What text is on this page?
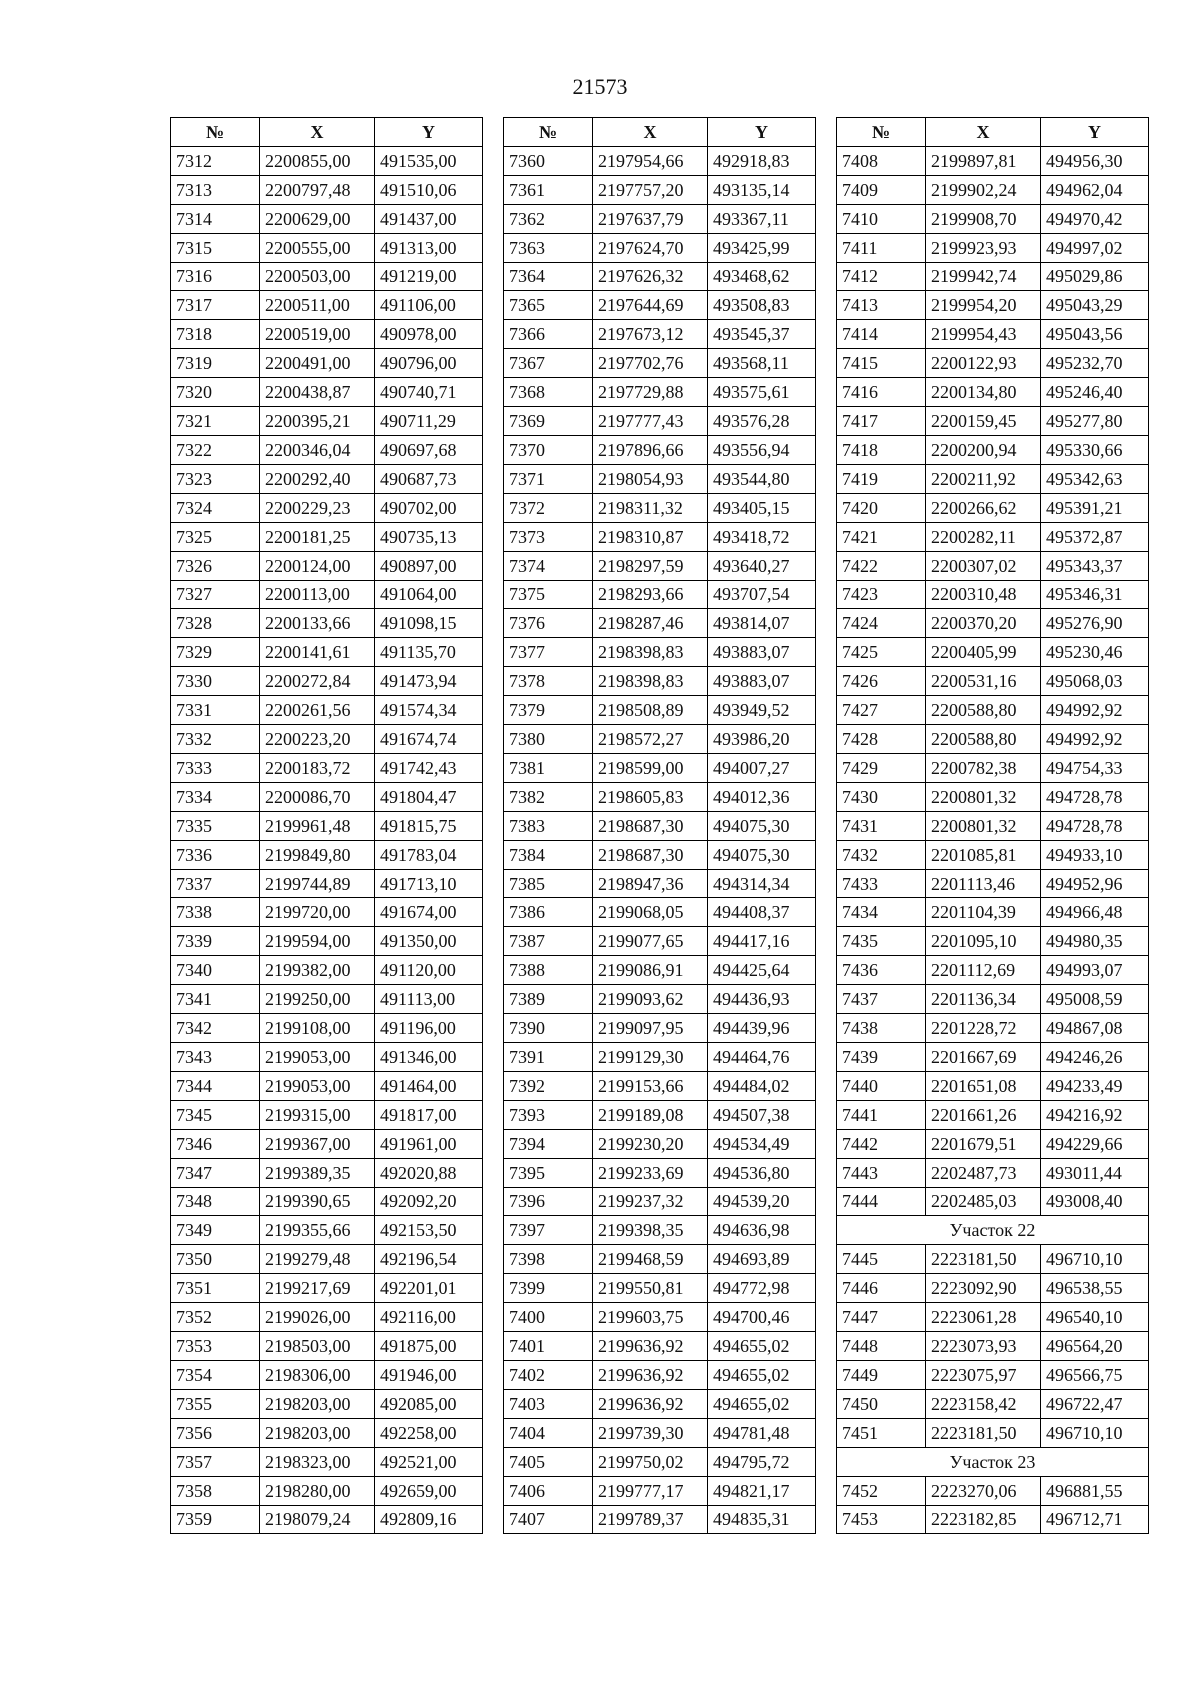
21573
№	X	Y
7312	2200855,00	491535,00
7313	2200797,48	491510,06
7314	2200629,00	491437,00
7315	2200555,00	491313,00
7316	2200503,00	491219,00
7317	2200511,00	491106,00
7318	2200519,00	490978,00
7319	2200491,00	490796,00
7320	2200438,87	490740,71
7321	2200395,21	490711,29
7322	2200346,04	490697,68
7323	2200292,40	490687,73
7324	2200229,23	490702,00
7325	2200181,25	490735,13
7326	2200124,00	490897,00
7327	2200113,00	491064,00
7328	2200133,66	491098,15
7329	2200141,61	491135,70
7330	2200272,84	491473,94
7331	2200261,56	491574,34
7332	2200223,20	491674,74
7333	2200183,72	491742,43
7334	2200086,70	491804,47
7335	2199961,48	491815,75
7336	2199849,80	491783,04
7337	2199744,89	491713,10
7338	2199720,00	491674,00
7339	2199594,00	491350,00
7340	2199382,00	491120,00
7341	2199250,00	491113,00
7342	2199108,00	491196,00
7343	2199053,00	491346,00
7344	2199053,00	491464,00
7345	2199315,00	491817,00
7346	2199367,00	491961,00
7347	2199389,35	492020,88
7348	2199390,65	492092,20
7349	2199355,66	492153,50
7350	2199279,48	492196,54
7351	2199217,69	492201,01
7352	2199026,00	492116,00
7353	2198503,00	491875,00
7354	2198306,00	491946,00
7355	2198203,00	492085,00
7356	2198203,00	492258,00
7357	2198323,00	492521,00
7358	2198280,00	492659,00
7359	2198079,24	492809,16
№	X	Y
7360	2197954,66	492918,83
7361	2197757,20	493135,14
7362	2197637,79	493367,11
7363	2197624,70	493425,99
7364	2197626,32	493468,62
7365	2197644,69	493508,83
7366	2197673,12	493545,37
7367	2197702,76	493568,11
7368	2197729,88	493575,61
7369	2197777,43	493576,28
7370	2197896,66	493556,94
7371	2198054,93	493544,80
7372	2198311,32	493405,15
7373	2198310,87	493418,72
7374	2198297,59	493640,27
7375	2198293,66	493707,54
7376	2198287,46	493814,07
7377	2198398,83	493883,07
7378	2198398,83	493883,07
7379	2198508,89	493949,52
7380	2198572,27	493986,20
7381	2198599,00	494007,27
7382	2198605,83	494012,36
7383	2198687,30	494075,30
7384	2198687,30	494075,30
7385	2198947,36	494314,34
7386	2199068,05	494408,37
7387	2199077,65	494417,16
7388	2199086,91	494425,64
7389	2199093,62	494436,93
7390	2199097,95	494439,96
7391	2199129,30	494464,76
7392	2199153,66	494484,02
7393	2199189,08	494507,38
7394	2199230,20	494534,49
7395	2199233,69	494536,80
7396	2199237,32	494539,20
7397	2199398,35	494636,98
7398	2199468,59	494693,89
7399	2199550,81	494772,98
7400	2199603,75	494700,46
7401	2199636,92	494655,02
7402	2199636,92	494655,02
7403	2199636,92	494655,02
7404	2199739,30	494781,48
7405	2199750,02	494795,72
7406	2199777,17	494821,17
7407	2199789,37	494835,31
№	X	Y
7408	2199897,81	494956,30
7409	2199902,24	494962,04
7410	2199908,70	494970,42
7411	2199923,93	494997,02
7412	2199942,74	495029,86
7413	2199954,20	495043,29
7414	2199954,43	495043,56
7415	2200122,93	495232,70
7416	2200134,80	495246,40
7417	2200159,45	495277,80
7418	2200200,94	495330,66
7419	2200211,92	495342,63
7420	2200266,62	495391,21
7421	2200282,11	495372,87
7422	2200307,02	495343,37
7423	2200310,48	495346,31
7424	2200370,20	495276,90
7425	2200405,99	495230,46
7426	2200531,16	495068,03
7427	2200588,80	494992,92
7428	2200588,80	494992,92
7429	2200782,38	494754,33
7430	2200801,32	494728,78
7431	2200801,32	494728,78
7432	2201085,81	494933,10
7433	2201113,46	494952,96
7434	2201104,39	494966,48
7435	2201095,10	494980,35
7436	2201112,69	494993,07
7437	2201136,34	495008,59
7438	2201228,72	494867,08
7439	2201667,69	494246,26
7440	2201651,08	494233,49
7441	2201661,26	494216,92
7442	2201679,51	494229,66
7443	2202487,73	493011,44
7444	2202485,03	493008,40
Участок 22		
7445	2223181,50	496710,10
7446	2223092,90	496538,55
7447	2223061,28	496540,10
7448	2223073,93	496564,20
7449	2223075,97	496566,75
7450	2223158,42	496722,47
7451	2223181,50	496710,10
Участок 23		
7452	2223270,06	496881,55
7453	2223182,85	496712,71
